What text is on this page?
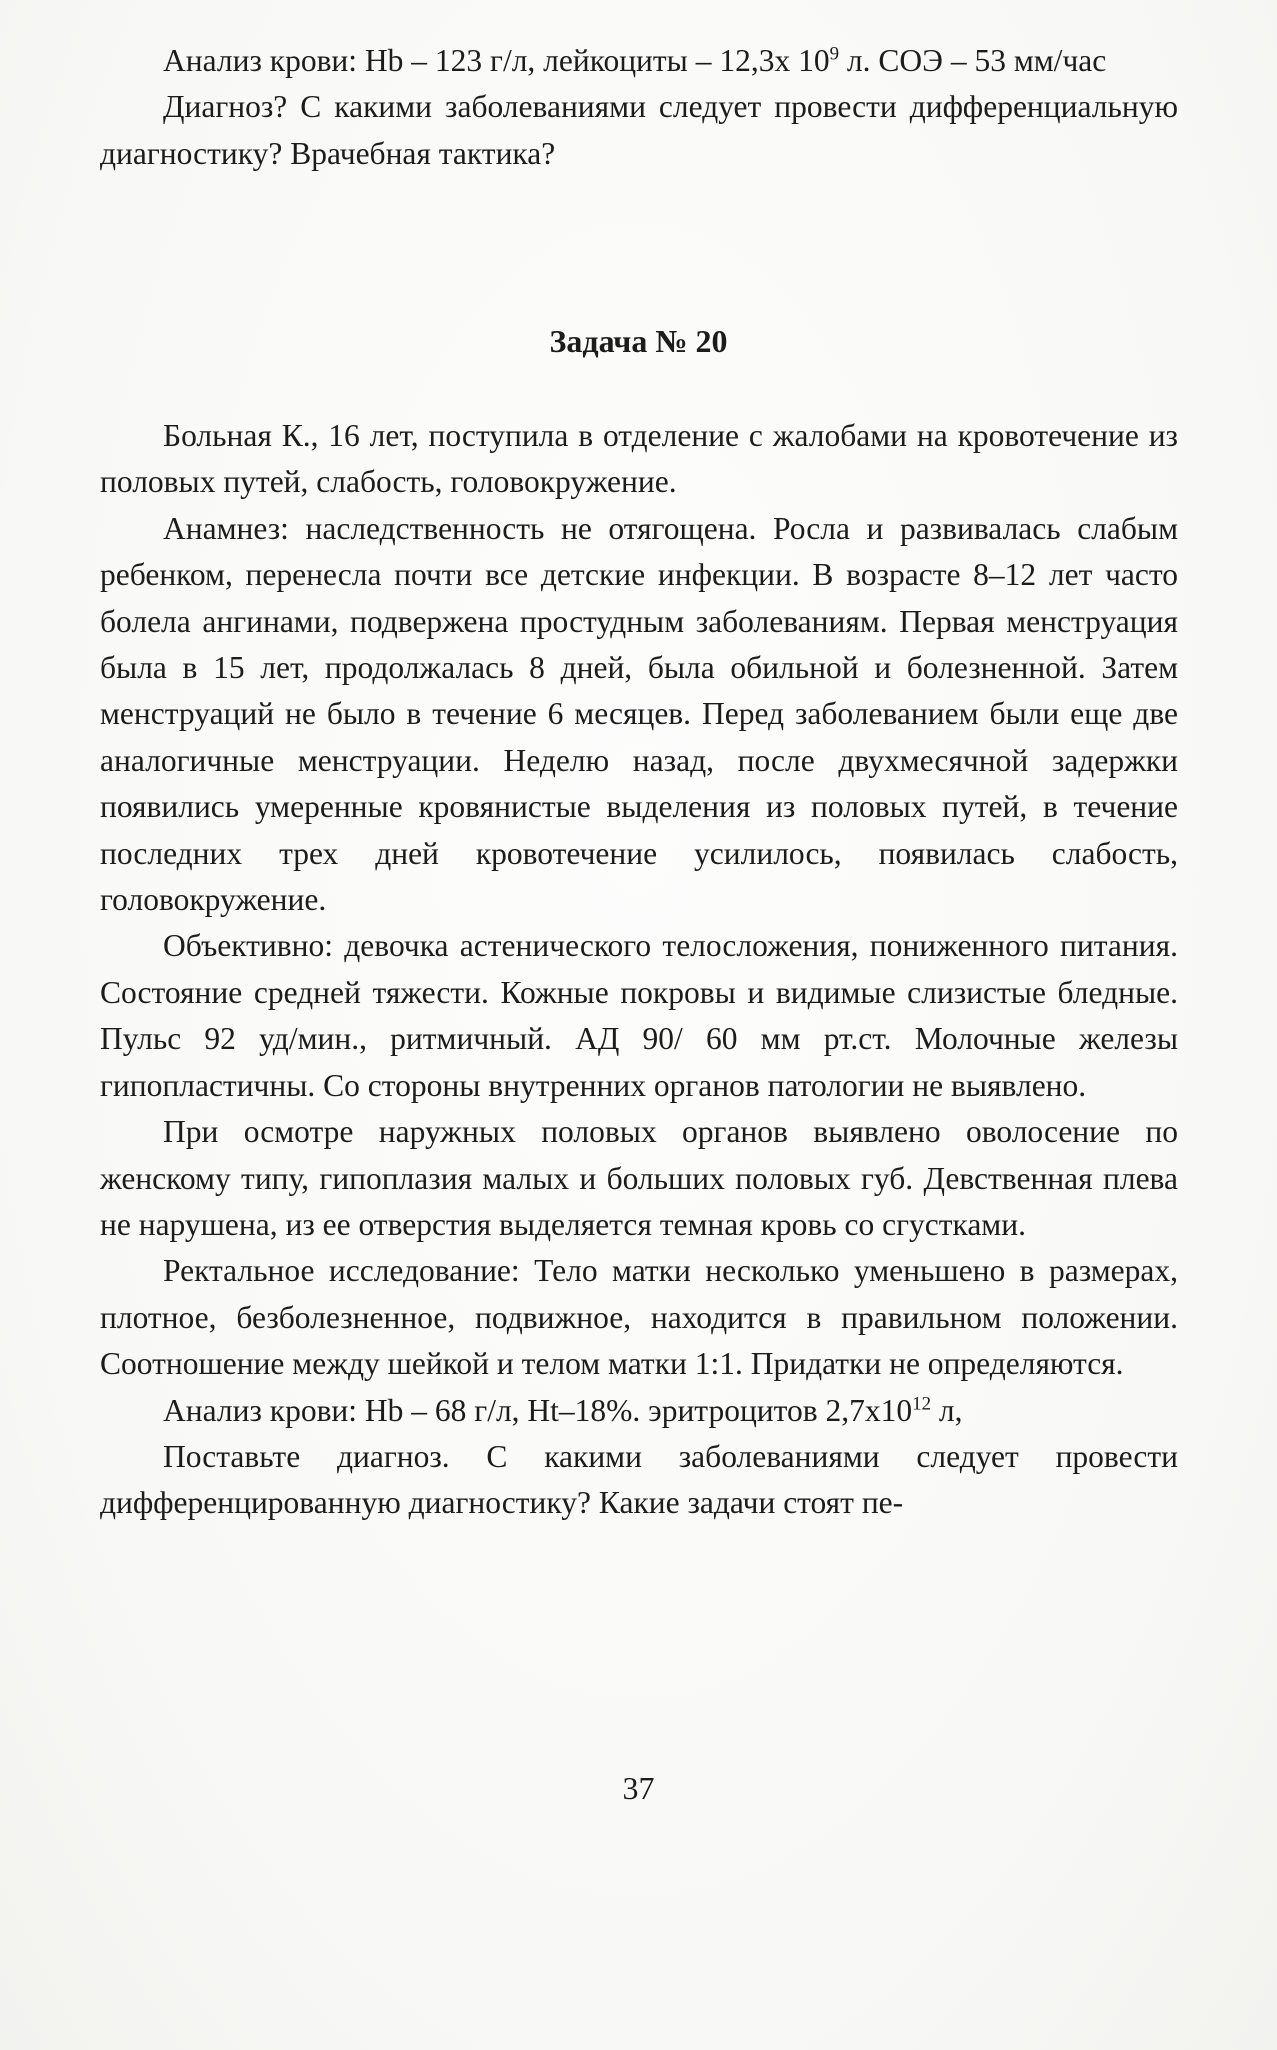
Анализ крови: Hb – 123 г/л, лейкоциты – 12,3х $10^9$ л. СОЭ – 53 мм/час

Диагноз? С какими заболеваниями следует провести дифференциальную диагностику? Врачебная тактика?

Задача № 20

Больная К., 16 лет, поступила в отделение с жалобами на кровотечение из половых путей, слабость, головокружение.

Анамнез: наследственность не отягощена. Росла и развивалась слабым ребенком, перенесла почти все детские инфекции. В возрасте 8–12 лет часто болела ангинами, подвержена простудным заболеваниям. Первая менструация была в 15 лет, продолжалась 8 дней, была обильной и болезненной. Затем менструаций не было в течение 6 месяцев. Перед заболеванием были еще две аналогичные менструации. Неделю назад, после двухмесячной задержки появились умеренные кровянистые выделения из половых путей, в течение последних трех дней кровотечение усилилось, появилась слабость, головокружение.

Объективно: девочка астенического телосложения, пониженного питания. Состояние средней тяжести. Кожные покровы и видимые слизистые бледные. Пульс 92 уд/мин., ритмичный. АД 90/ 60 мм рт.ст. Молочные железы гипопластичны. Со стороны внутренних органов патологии не выявлено.

При осмотре наружных половых органов выявлено оволосение по женскому типу, гипоплазия малых и больших половых губ. Девственная плева не нарушена, из ее отверстия выделяется темная кровь со сгустками.

Ректальное исследование: Тело матки несколько уменьшено в размерах, плотное, безболезненное, подвижное, находится в правильном положении. Соотношение между шейкой и телом матки 1:1. Придатки не определяются.

Анализ крови: Hb – 68 г/л, Ht–18%. эритроцитов $2,7х10^{12}$ л,

Поставьте диагноз. С какими заболеваниями следует провести дифференцированную диагностику? Какие задачи стоят пе-

37
